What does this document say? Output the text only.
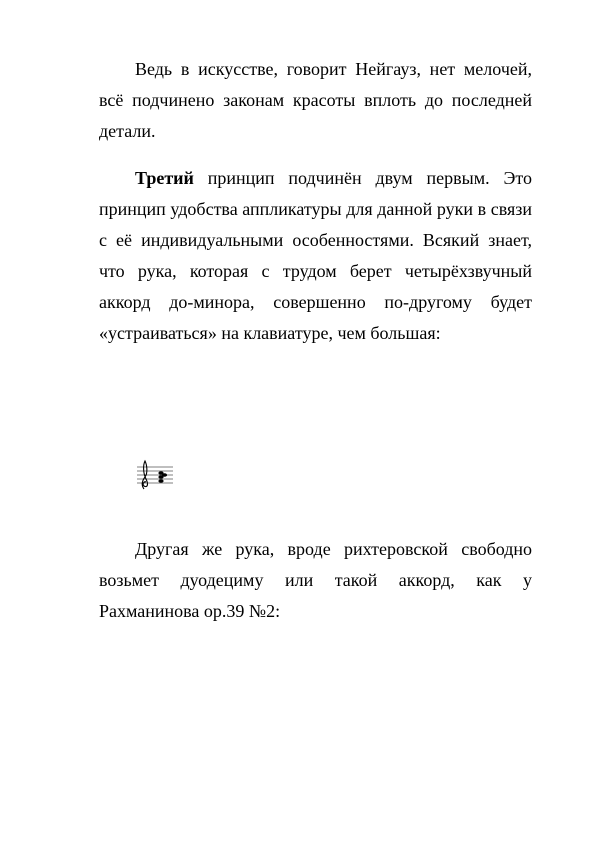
Ведь в искусстве, говорит Нейгауз, нет мелочей, всё подчинено законам красоты вплоть до последней детали.

Третий принцип подчинён двум первым. Это принцип удобства аппликатуры для данной руки в связи с её индивидуальными особенностями. Всякий знает, что рука, которая с трудом берет четырёхзвучный аккорд до-минора, совершенно по-другому будет «устраиваться» на клавиатуре, чем большая:

Другая же рука, вроде рихтеровской свободно возьмет дуодециму или такой аккорд, как у Рахманинова ор.39 №2:
